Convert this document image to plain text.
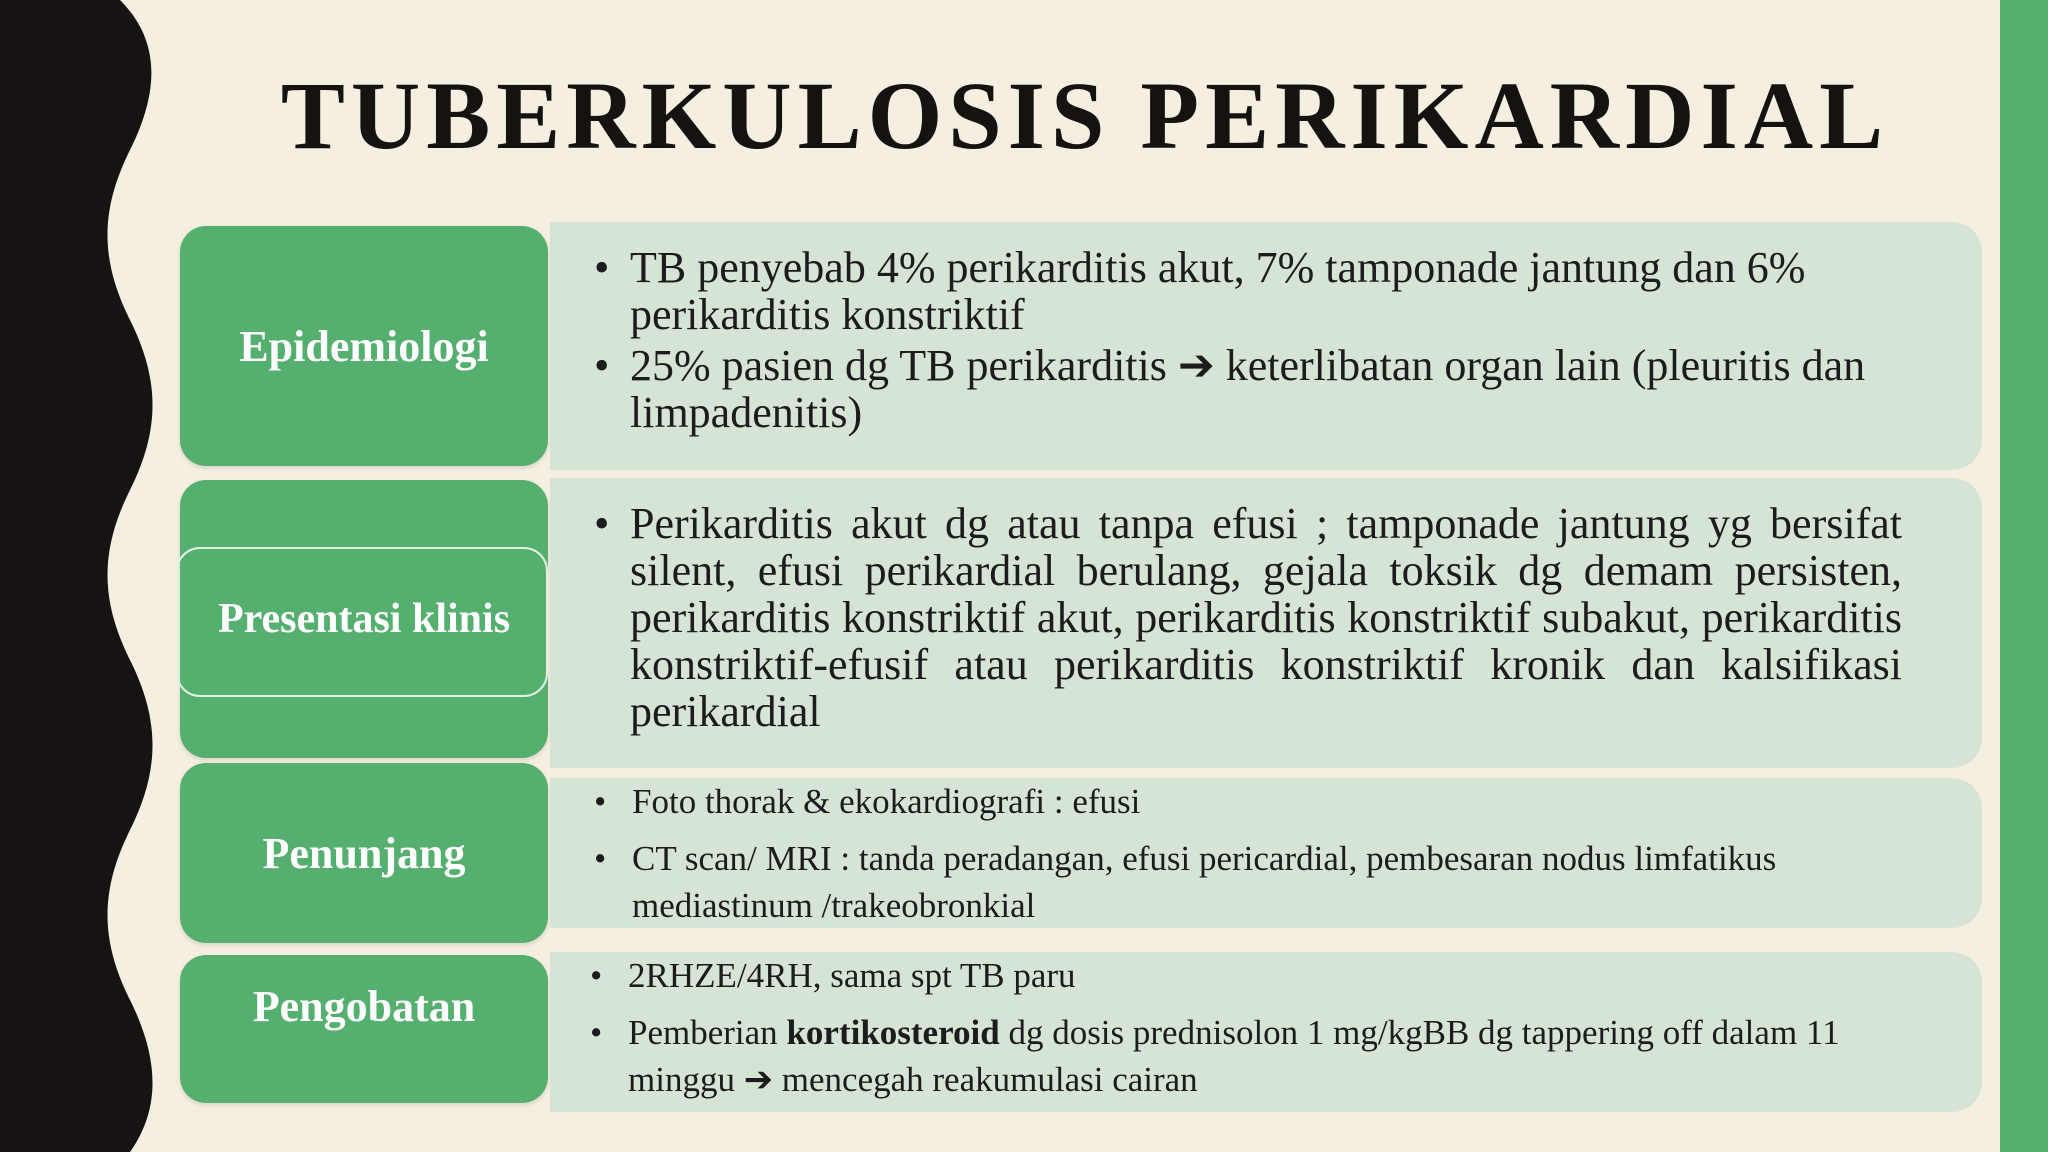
TUBERKULOSIS PERIKARDIAL
Epidemiologi
• TB penyebab 4% perikarditis akut, 7% tamponade jantung dan 6% perikarditis konstriktif
• 25% pasien dg TB perikarditis ➔ keterlibatan organ lain (pleuritis dan limpadenitis)
Presentasi klinis
• Perikarditis akut dg atau tanpa efusi ; tamponade jantung yg bersifat silent, efusi perikardial berulang, gejala toksik dg demam persisten, perikarditis konstriktif akut, perikarditis konstriktif subakut, perikarditis konstriktif-efusif atau perikarditis konstriktif kronik dan kalsifikasi perikardial
Penunjang
• Foto thorak & ekokardiografi : efusi
• CT scan/ MRI : tanda peradangan, efusi pericardial, pembesaran nodus limfatikus mediastinum /trakeobronkial
Pengobatan
• 2RHZE/4RH, sama spt TB paru
• Pemberian kortikosteroid dg dosis prednisolon 1 mg/kgBB dg tappering off dalam 11 minggu ➔ mencegah reakumulasi cairan
